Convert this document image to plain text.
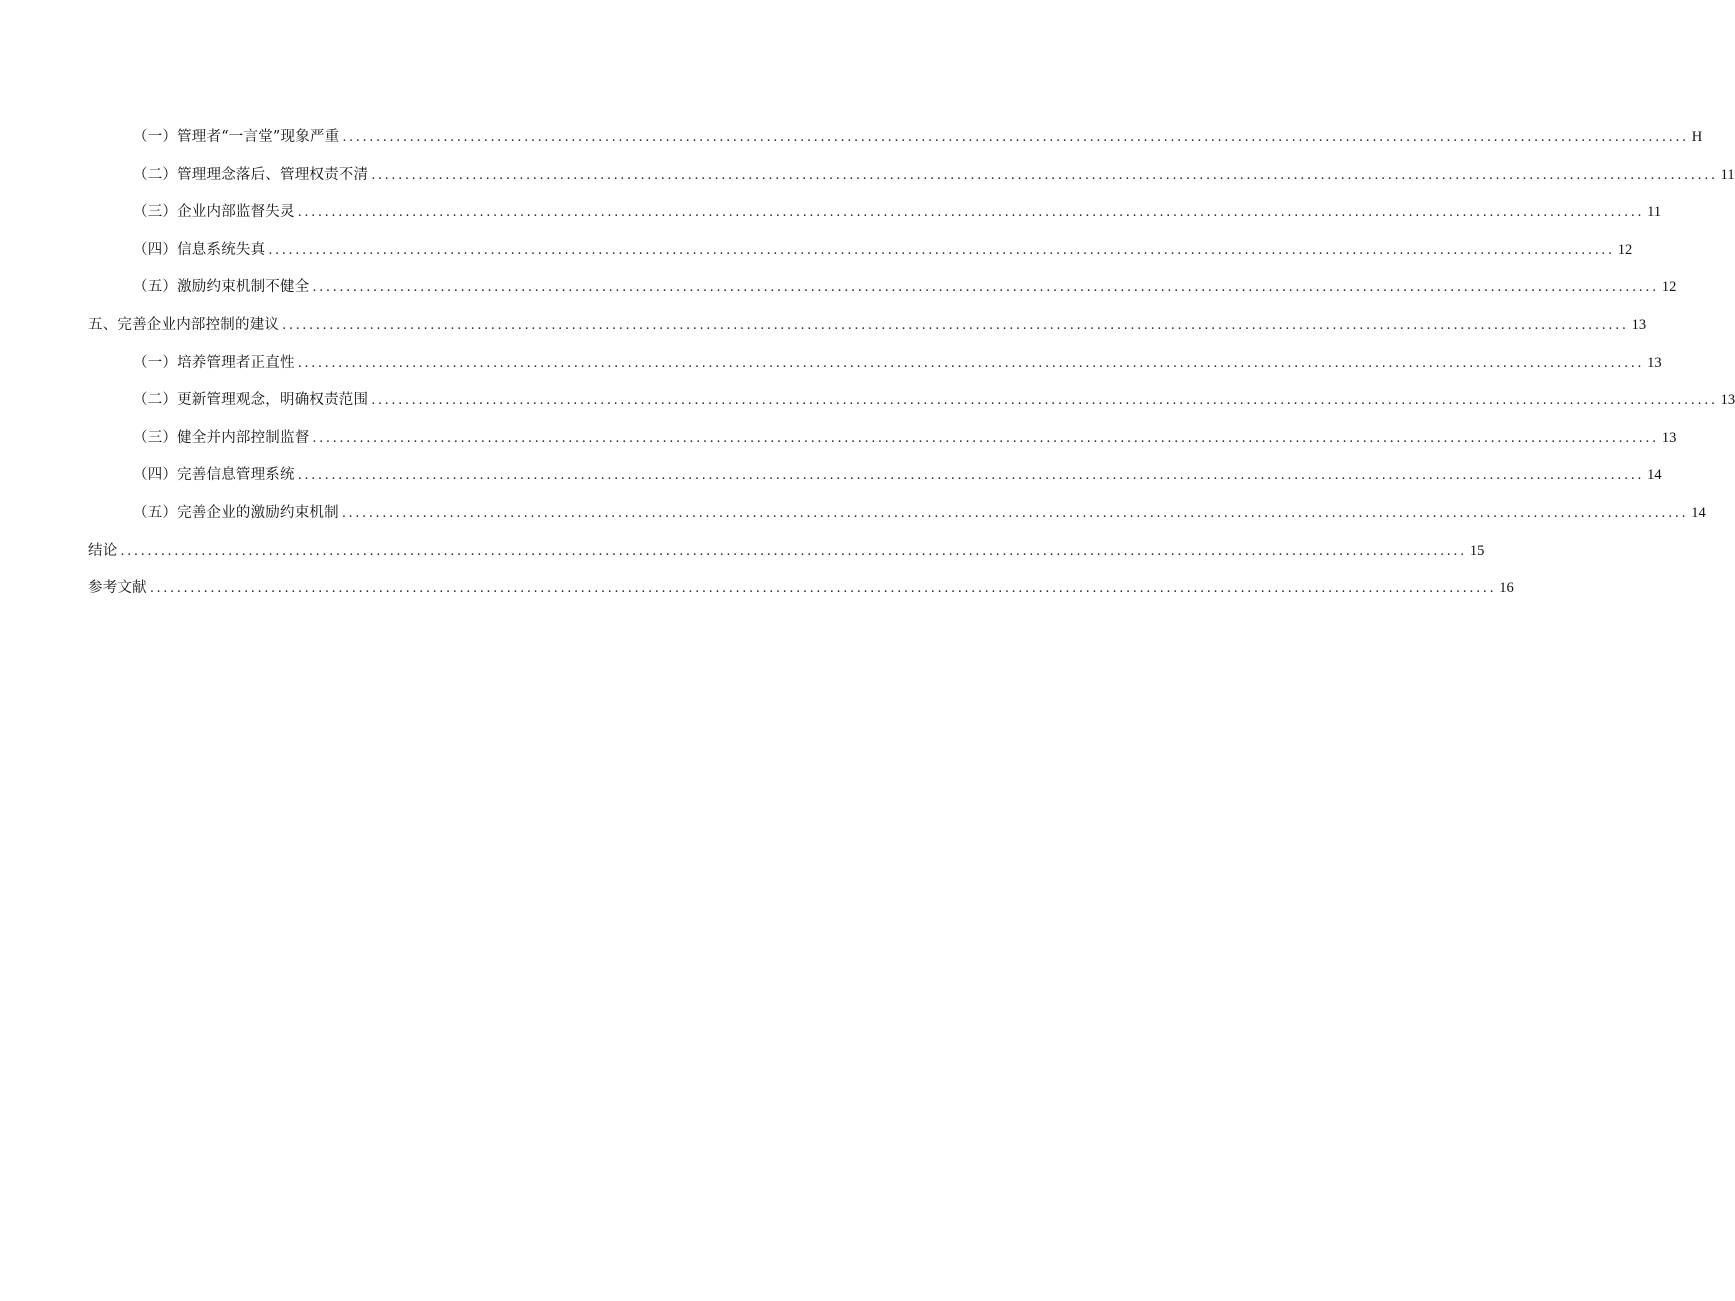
（一）管理者“一言堂”现象严重 ........................................................................................................................................................................................................ H
（二）管理理念落后、管理权责不清 ........................................................................................................................................................................................................ 11
（三）企业内部监督失灵 ........................................................................................................................................................................................................ 11
（四）信息系统失真 ........................................................................................................................................................................................................ 12
（五）激励约束机制不健全 ........................................................................................................................................................................................................ 12
五、完善企业内部控制的建议 ........................................................................................................................................................................................................ 13
（一）培养管理者正直性 ........................................................................................................................................................................................................ 13
（二）更新管理观念，明确权责范围 ........................................................................................................................................................................................................ 13
（三）健全并内部控制监督 ........................................................................................................................................................................................................ 13
（四）完善信息管理系统 ........................................................................................................................................................................................................ 14
（五）完善企业的激励约束机制 ........................................................................................................................................................................................................ 14
结论 ........................................................................................................................................................................................................ 15
参考文献 ........................................................................................................................................................................................................ 16
